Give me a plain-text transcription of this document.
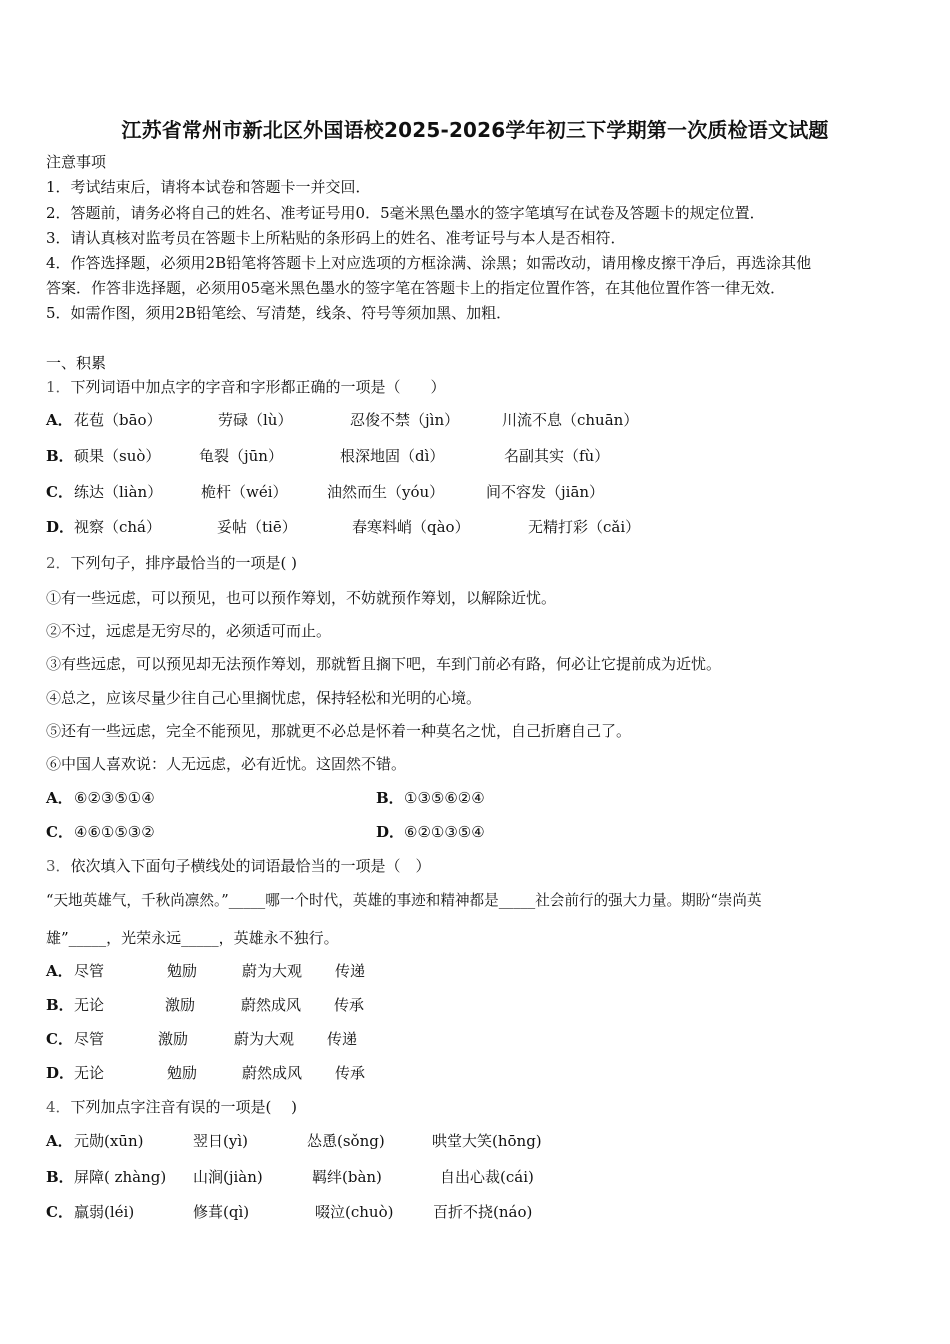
江苏省常州市新北区外国语校2025-2026学年初三下学期第一次质检语文试题
注意事项
1．考试结束后，请将本试卷和答题卡一并交回．
2．答题前，请务必将自己的姓名、准考证号用0．5毫米黑色墨水的签字笔填写在试卷及答题卡的规定位置．
3．请认真核对监考员在答题卡上所粘贴的条形码上的姓名、准考证号与本人是否相符．
4．作答选择题，必须用2B铅笔将答题卡上对应选项的方框涂满、涂黑；如需改动，请用橡皮擦干净后，再选涂其他
答案．作答非选择题，必须用05毫米黑色墨水的签字笔在答题卡上的指定位置作答，在其他位置作答一律无效．
5．如需作图，须用2B铅笔绘、写清楚，线条、符号等须加黑、加粗．
一、积累
1．下列词语中加点字的字音和字形都正确的一项是（　　）
A． 花苞（bāo）	劳碌（lù）	忍俊不禁（jìn）	川流不息（chuān）
B． 硕果（suò）	龟裂（jūn）	根深地固（dì）	名副其实（fù）
C． 练达（liàn）	桅杆（wéi）	油然而生（yóu）	间不容发（jiān）
D． 视察（chá）	妥帖（tiē）	春寒料峭（qào）	无精打彩（cǎi）
2．下列句子，排序最恰当的一项是( )
①有一些远虑，可以预见，也可以预作筹划，不妨就预作筹划，以解除近忧。
②不过，远虑是无穷尽的，必须适可而止。
③有些远虑，可以预见却无法预作筹划，那就暂且搁下吧，车到门前必有路，何必让它提前成为近忧。
④总之，应该尽量少往自己心里搁忧虑，保持轻松和光明的心境。
⑤还有一些远虑，完全不能预见，那就更不必总是怀着一种莫名之忧，自己折磨自己了。
⑥中国人喜欢说：人无远虑，必有近忧。这固然不错。
A． ⑥②③⑤①④	B． ①③⑤⑥②④
C． ④⑥①⑤③②	D． ⑥②①③⑤④
3．依次填入下面句子横线处的词语最恰当的一项是（　）
“天地英雄气，千秋尚凛然。”_____哪一个时代，英雄的事迹和精神都是_____社会前行的强大力量。期盼“崇尚英
雄”_____，光荣永远_____，英雄永不独行。
A． 尽管	勉励	蔚为大观 传递
B． 无论	激励	蔚然成风 传承
C． 尽管	激励	蔚为大观 传递
D． 无论	勉励	蔚然成风 传承
4．下列加点字注音有误的一项是(　 )
A． 元勋(xūn)	翌日(yì)	怂恿(sǒng)	哄堂大笑(hōng)
B． 屏障( zhàng) 山涧(jiàn)	羁绊(bàn)	自出心裁(cái)
C． 羸弱(léi)	修葺(qì)	啜泣(chuò)	百折不挠(náo)
